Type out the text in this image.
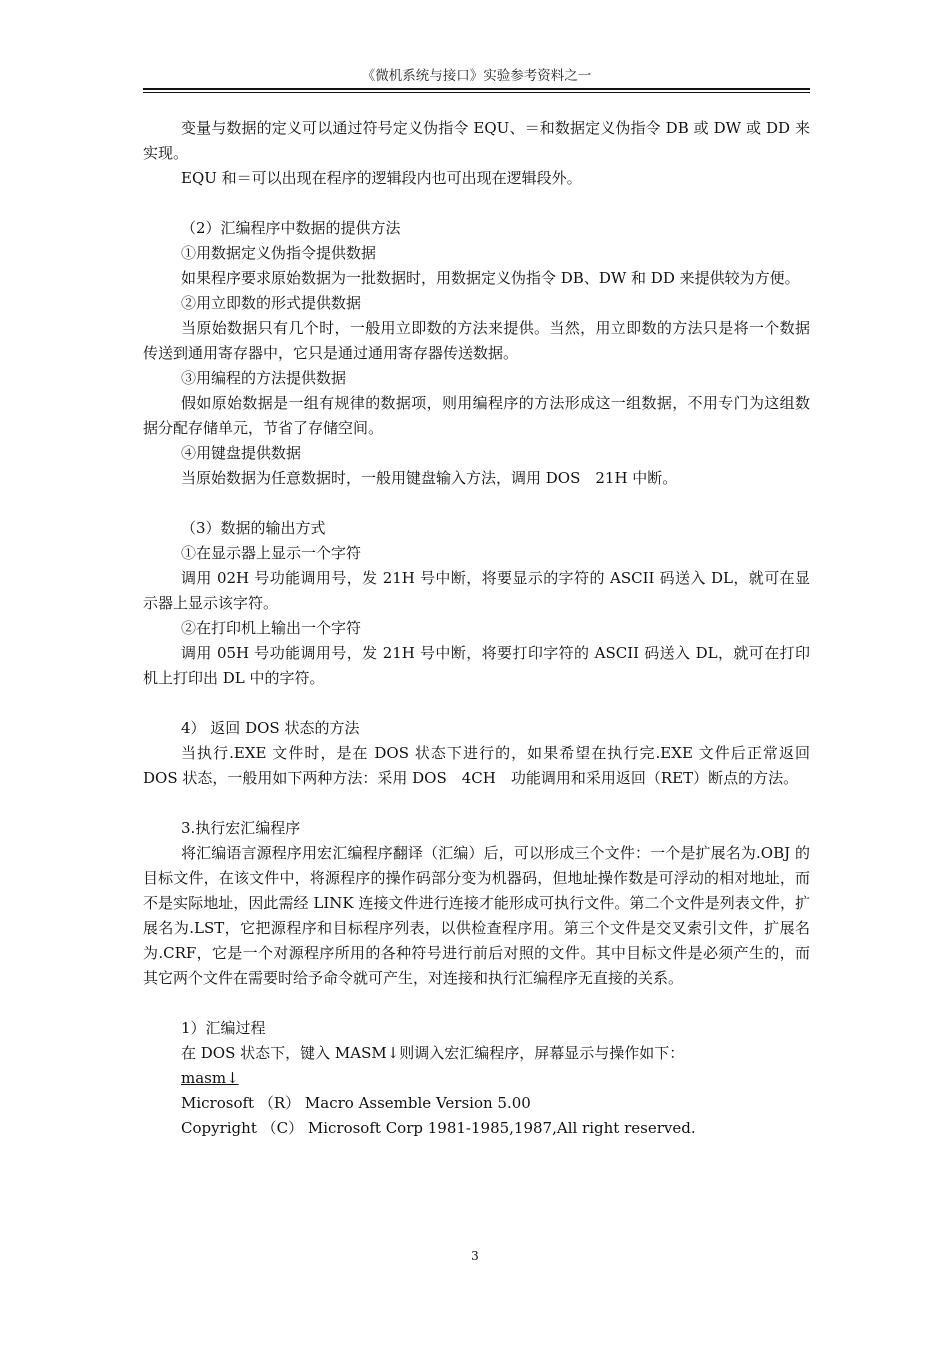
《微机系统与接口》实验参考资料之一

变量与数据的定义可以通过符号定义伪指令 EQU、＝和数据定义伪指令 DB 或 DW 或 DD 来实现。

EQU 和＝可以出现在程序的逻辑段内也可出现在逻辑段外。

（2）汇编程序中数据的提供方法

①用数据定义伪指令提供数据

如果程序要求原始数据为一批数据时，用数据定义伪指令 DB、DW 和 DD 来提供较为方便。

②用立即数的形式提供数据

当原始数据只有几个时，一般用立即数的方法来提供。当然，用立即数的方法只是将一个数据传送到通用寄存器中，它只是通过通用寄存器传送数据。

③用编程的方法提供数据

假如原始数据是一组有规律的数据项，则用编程序的方法形成这一组数据，不用专门为这组数据分配存储单元，节省了存储空间。

④用键盘提供数据

当原始数据为任意数据时，一般用键盘输入方法，调用 DOS　21H 中断。

（3）数据的输出方式

①在显示器上显示一个字符

调用 02H 号功能调用号，发 21H 号中断，将要显示的字符的 ASCII 码送入 DL，就可在显示器上显示该字符。

②在打印机上输出一个字符

调用 05H 号功能调用号，发 21H 号中断，将要打印字符的 ASCII 码送入 DL，就可在打印机上打印出 DL 中的字符。

4） 返回 DOS 状态的方法

当执行.EXE 文件时，是在 DOS 状态下进行的，如果希望在执行完.EXE 文件后正常返回 DOS 状态，一般用如下两种方法：采用 DOS　4CH　功能调用和采用返回（RET）断点的方法。

3.执行宏汇编程序

将汇编语言源程序用宏汇编程序翻译（汇编）后，可以形成三个文件：一个是扩展名为.OBJ 的目标文件，在该文件中，将源程序的操作码部分变为机器码，但地址操作数是可浮动的相对地址，而不是实际地址，因此需经 LINK 连接文件进行连接才能形成可执行文件。第二个文件是列表文件，扩展名为.LST，它把源程序和目标程序列表，以供检查程序用。第三个文件是交叉索引文件，扩展名为.CRF，它是一个对源程序所用的各种符号进行前后对照的文件。其中目标文件是必须产生的，而其它两个文件在需要时给予命令就可产生，对连接和执行汇编程序无直接的关系。

1）汇编过程

在 DOS 状态下，键入 MASM↓则调入宏汇编程序，屏幕显示与操作如下：

masm↓

Microsoft （R） Macro Assemble Version 5.00

Copyright （C） Microsoft Corp 1981-1985,1987,All right reserved.

3
